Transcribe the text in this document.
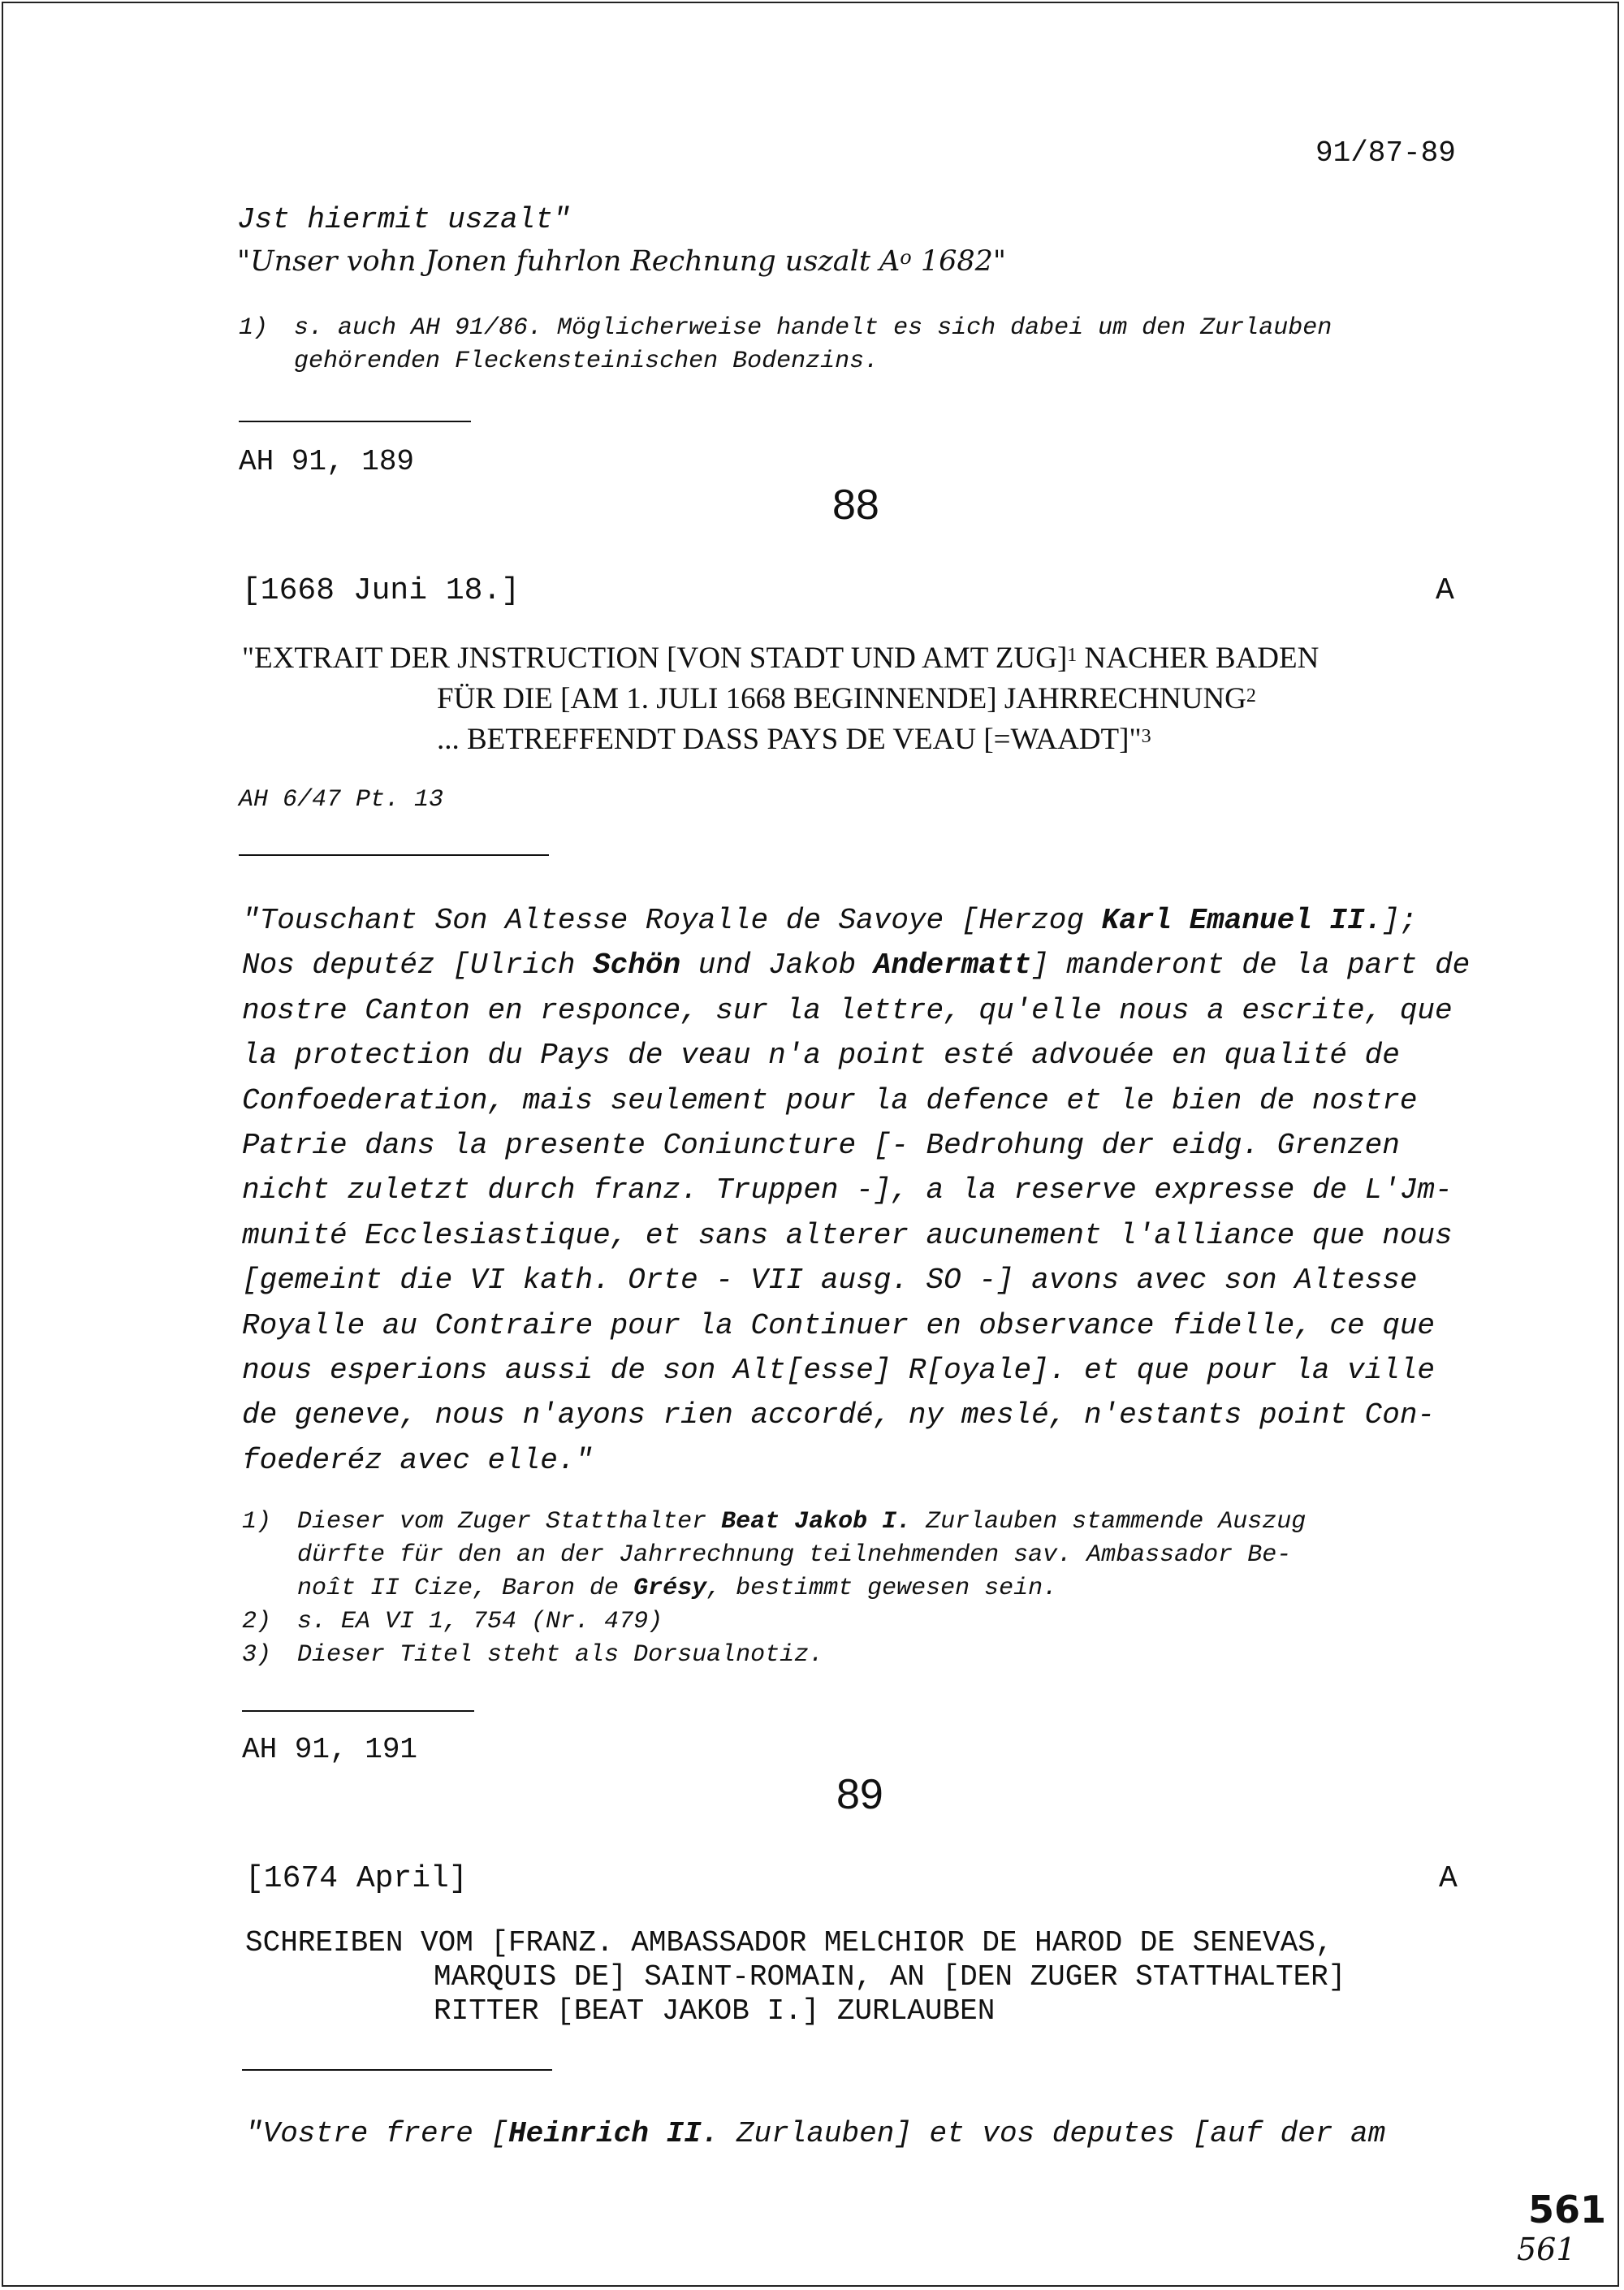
91/87-89
Jst hiermit uszalt"
"Unser vohn Jonen fuhrlon Rechnung uszalt $A^o$ 1682"
1)	s. auch AH 91/86. Möglicherweise handelt es sich dabei um den Zurlauben
gehörenden Fleckensteinischen Bodenzins.
AH 91, 189
88
[1668 Juni 18.]	A
"EXTRAIT DER JNSTRUCTION [VON STADT UND AMT ZUG]$^1$ NACHER BADEN
FÜR DIE [AM 1. JULI 1668 BEGINNENDE] JAHRRECHNUNG$^2$
... BETREFFENDT DASS PAYS DE VEAU [=WAADT]"$^3$
AH 6/47 Pt. 13
"Touschant Son Altesse Royalle de Savoye [Herzog Karl Emanuel II.];
Nos deputéz [Ulrich Schön und Jakob Andermatt] manderont de la part de
nostre Canton en responce, sur la lettre, qu'elle nous a escrite, que
la protection du Pays de veau n'a point esté advouée en qualité de
Confoederation, mais seulement pour la defence et le bien de nostre
Patrie dans la presente Coniuncture [- Bedrohung der eidg. Grenzen
nicht zuletzt durch franz. Truppen -], a la reserve expresse de L'Jm-
munité Ecclesiastique, et sans alterer aucunement l'alliance que nous
[gemeint die VI kath. Orte - VII ausg. SO -] avons avec son Altesse
Royalle au Contraire pour la Continuer en observance fidelle, ce que
nous esperions aussi de son Alt[esse] R[oyale]. et que pour la ville
de geneve, nous n'ayons rien accordé, ny meslé, n'estants point Con-
foederéz avec elle."
1)	Dieser vom Zuger Statthalter Beat Jakob I. Zurlauben stammende Auszug
dürfte für den an der Jahrrechnung teilnehmenden sav. Ambassador Be-
noît II Cize, Baron de Grésy, bestimmt gewesen sein.
2)	s. EA VI 1, 754 (Nr. 479)
3)	Dieser Titel steht als Dorsualnotiz.
AH 91, 191
89
[1674 April]	A
SCHREIBEN VOM [FRANZ. AMBASSADOR MELCHIOR DE HAROD DE SENEVAS,
MARQUIS DE] SAINT-ROMAIN, AN [DEN ZUGER STATTHALTER]
RITTER [BEAT JAKOB I.] ZURLAUBEN
"Vostre frere [Heinrich II. Zurlauben] et vos deputes [auf der am
561
561
